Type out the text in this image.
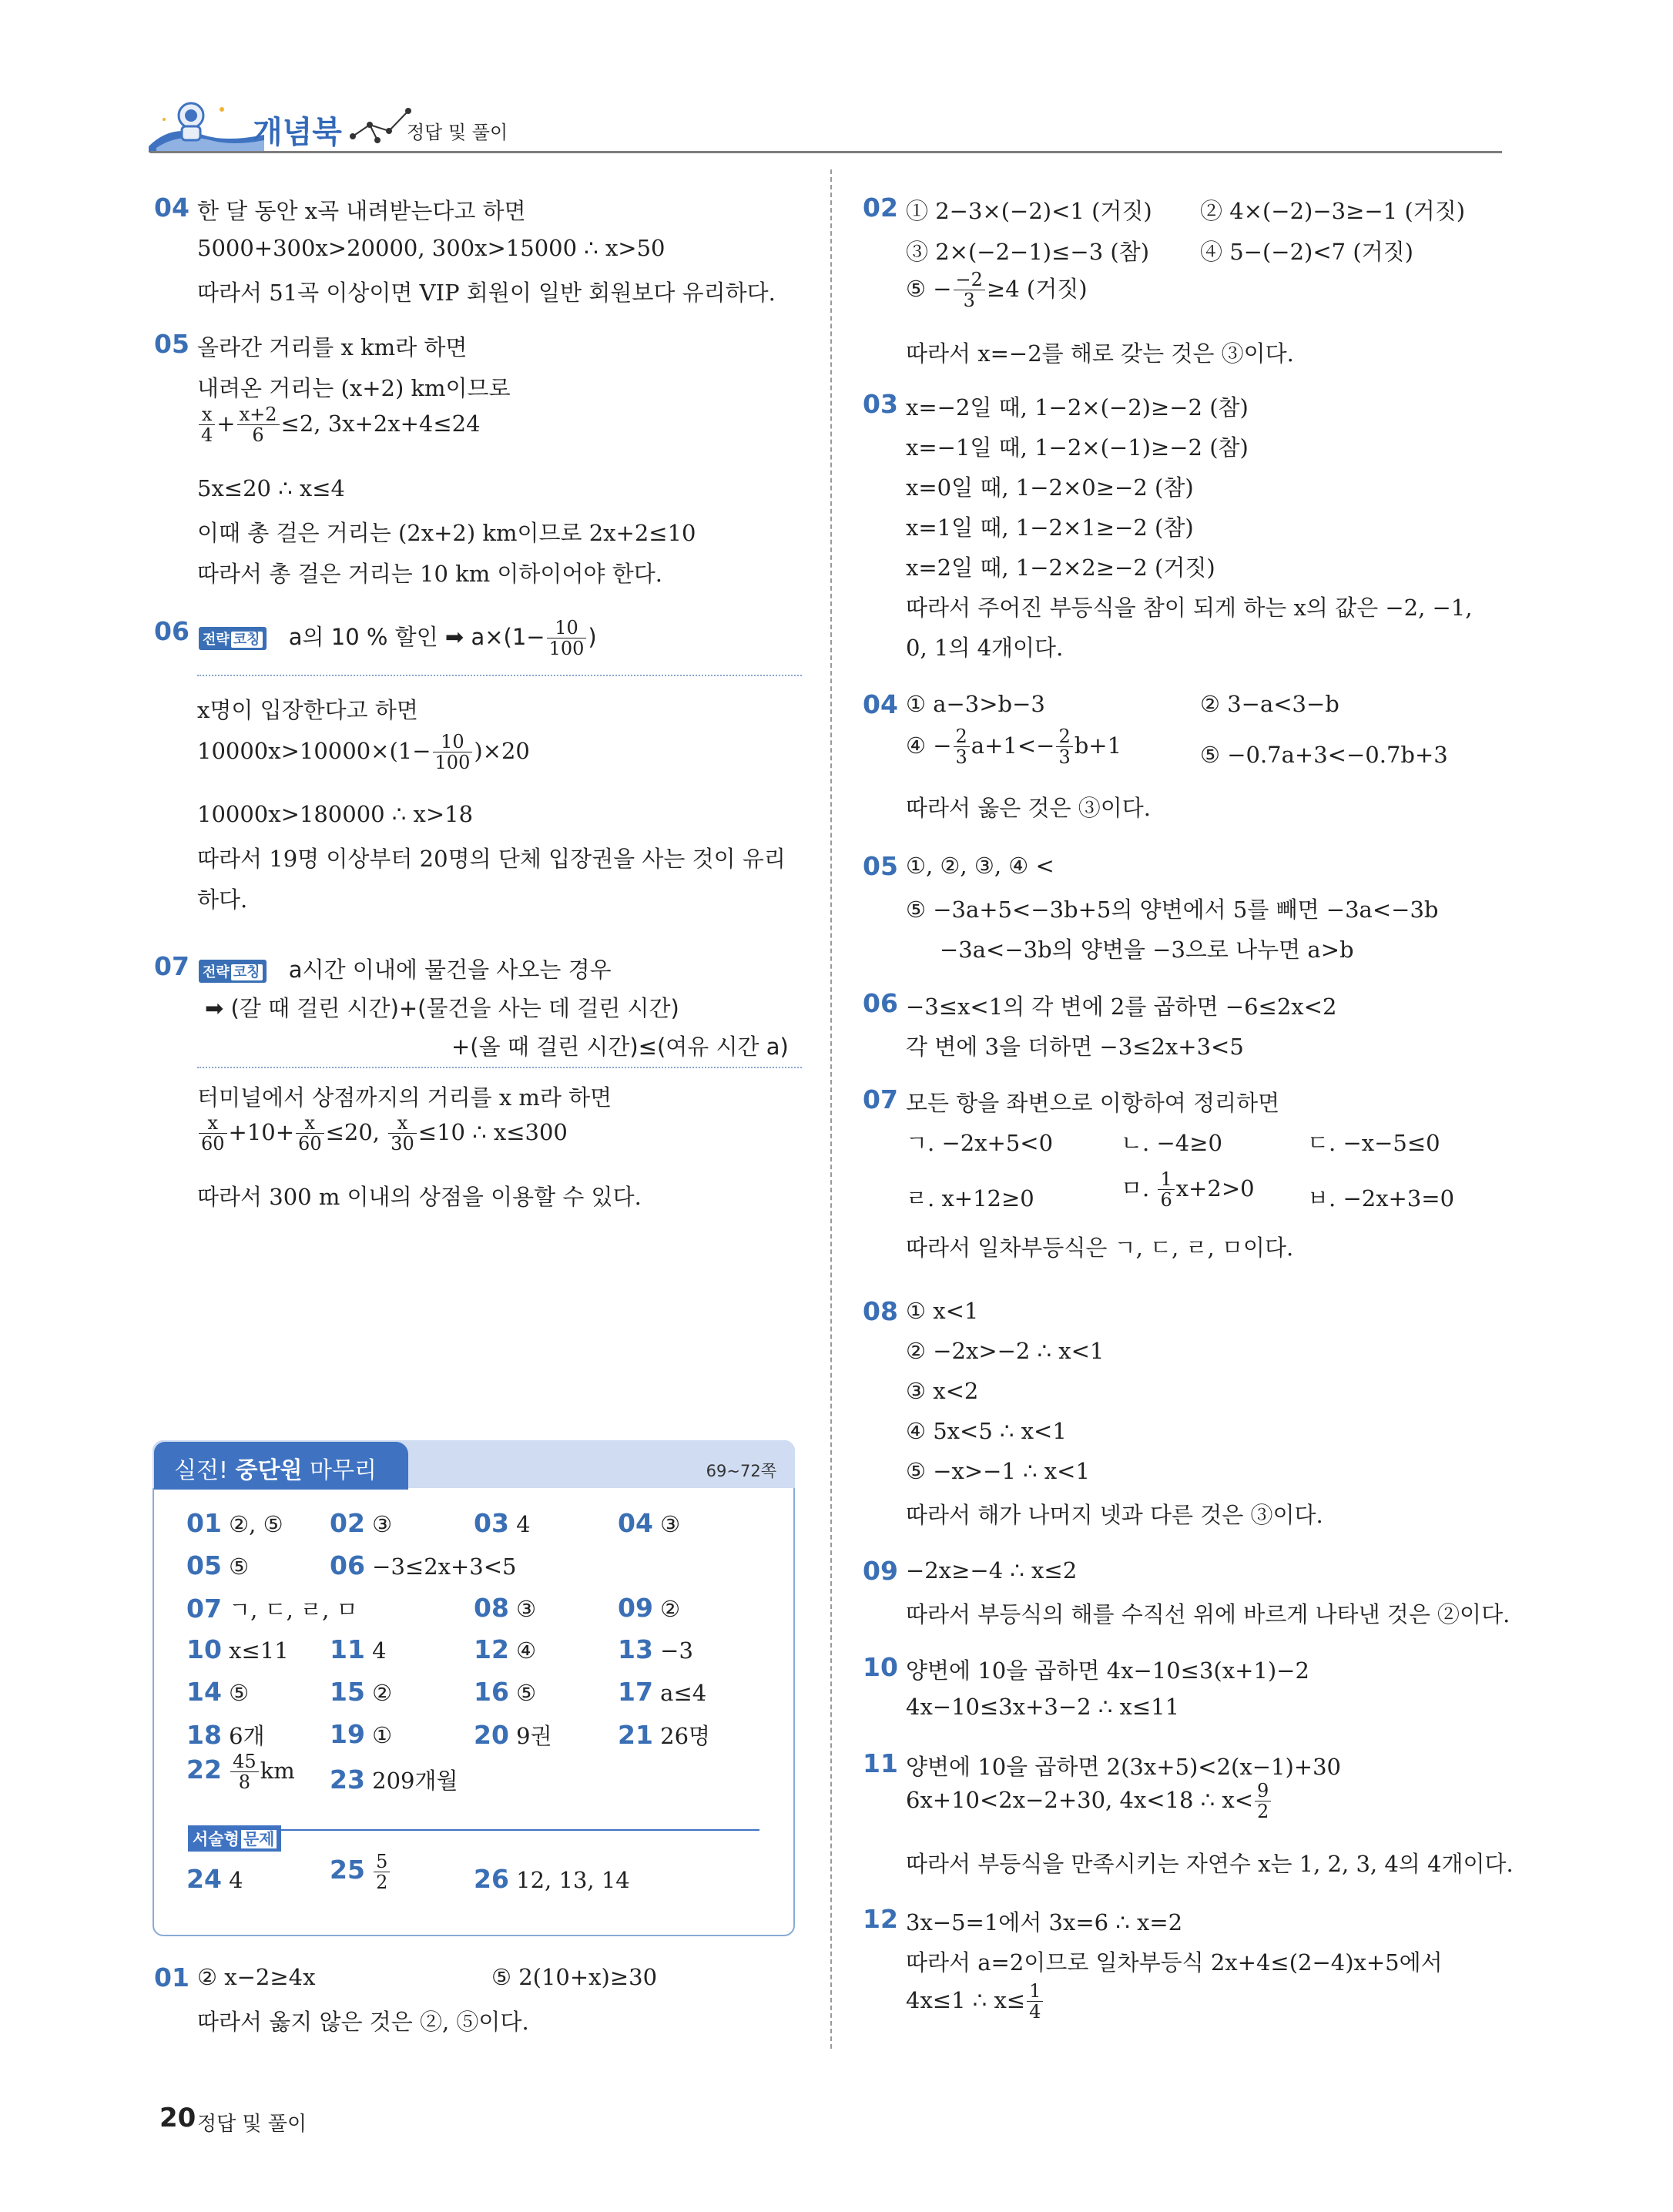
개념북	정답 및 풀이
04 한 달 동안 x곡 내려받는다고 하면
5000+300x>20000, 300x>15000 ∴ x>50
따라서 51곡 이상이면 VIP 회원이 일반 회원보다 유리하다.
05 올라간 거리를 x km라 하면
내려온 거리는 (x+2) km이므로
$\frac{x}{4} + \frac{x+2}{6} \le 2$, 3x+2x+4≤24
5x≤20 ∴ x≤4
이때 총 걸은 거리는 (2x+2) km이므로 2x+2≤10
따라서 총 걸은 거리는 10 km 이하이어야 한다.
06 전략 코칭 a의 10 % 할인 ➡ $a\times(1- \frac{10}{100}$ )
x명이 입장한다고 하면
$10000x>10000\times(1- \frac{10}{100} )\times 20$
10000x>180000 ∴ x>18
따라서 19명 이상부터 20명의 단체 입장권을 사는 것이 유리
하다.
07 전략 코칭 a시간 이내에 물건을 사오는 경우
➡ (갈 때 걸린 시간)+(물건을 사는 데 걸린 시간)
+(올 때 걸린 시간)≤(여유 시간 a)
터미널에서 상점까지의 거리를 x m라 하면
$\frac{x}{60} +10+ \frac{x}{60} \le 20$, $\frac{x}{30} \le 10$ ∴ x≤300
따라서 300 m 이내의 상점을 이용할 수 있다.
실전! 중단원 마무리	69~72쪽
01 ②, ⑤ 02 ③	03 4	04 ③
05 ⑤	06 −3≤2x+3<5
07 ㄱ, ㄷ, ㄹ, ㅁ	08 ③	09 ②
10 x≤11 11 4	12 ④	13 −3
14 ⑤	15 ②	16 ⑤	17 a≤4
18 6개	19 ①	20 9권	21 26명
$22 \frac{45}{8}$ km 23 209개월
24 4	$25 \frac{5}{2}$	26 12, 13, 14
서술형 문제
01 ② x−2≥4x	⑤ 2(10+x)≥30
따라서 옳지 않은 것은 ②, ⑤이다.
02 ① 2−3×(−2)<1 (거짓) ② 4×(−2)−3≥−1 (거짓)
③ 2×(−2−1)≤−3 (참) ④ 5−(−2)<7 (거짓)
⑤ − $\frac{-2}{3} \ge 4$ (거짓)
따라서 x=−2를 해로 갖는 것은 ③이다.
03 x=−2일 때, 1−2×(−2)≥−2 (참)
x=−1일 때, 1−2×(−1)≥−2 (참)
x=0일 때, 1−2×0≥−2 (참)
x=1일 때, 1−2×1≥−2 (참)
x=2일 때, 1−2×2≥−2 (거짓)
따라서 주어진 부등식을 참이 되게 하는 x의 값은 −2, −1,
0, 1의 4개이다.
04 ① a−3>b−3	② 3−a<3−b
④ − $\frac{2}{3} a+1<- \frac{2}{3} b+1$	⑤ −0.7a+3<−0.7b+3
따라서 옳은 것은 ③이다.
05 ①, ②, ③, ④ <
⑤ −3a+5<−3b+5의 양변에서 5를 빼면 −3a<−3b
−3a<−3b의 양변을 −3으로 나누면 a>b
06 −3≤x<1의 각 변에 2를 곱하면 −6≤2x<2
각 변에 3을 더하면 −3≤2x+3<5
07 모든 항을 좌변으로 이항하여 정리하면
ㄱ. −2x+5<0	ㄴ. −4≥0	ㄷ. −x−5≤0
ㄹ. x+12≥0	ㅁ. $\frac{1}{6} x+2>0$ ㅂ. −2x+3=0
따라서 일차부등식은 ㄱ, ㄷ, ㄹ, ㅁ이다.
08 ① x<1
② −2x>−2 ∴ x<1
③ x<2
④ 5x<5 ∴ x<1
⑤ −x>−1 ∴ x<1
따라서 해가 나머지 넷과 다른 것은 ③이다.
09 −2x≥−4 ∴ x≤2
따라서 부등식의 해를 수직선 위에 바르게 나타낸 것은 ②이다.
10 양변에 10을 곱하면 4x−10≤3(x+1)−2
4x−10≤3x+3−2 ∴ x≤11
11 양변에 10을 곱하면 2(3x+5)<2(x−1)+30
6x+10<2x−2+30, 4x<18 ∴ $x< \frac{9}{2}$
따라서 부등식을 만족시키는 자연수 x는 1, 2, 3, 4의 4개이다.
12 3x−5=1에서 3x=6 ∴ x=2
따라서 a=2이므로 일차부등식 2x+4≤(2−4)x+5에서
4x≤1 ∴ $x\le \frac{1}{4}$
20 정답 및 풀이
